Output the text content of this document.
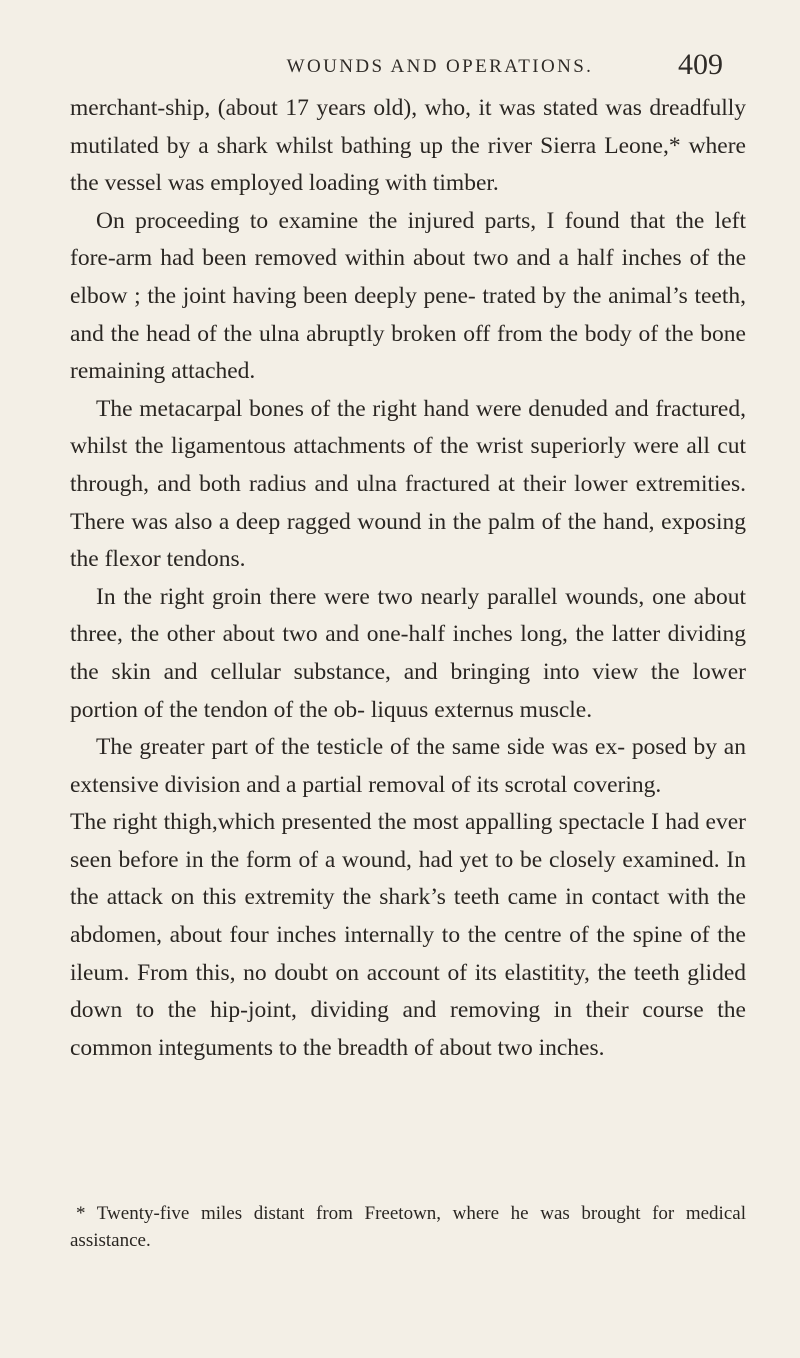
WOUNDS AND OPERATIONS.	409

merchant-ship, (about 17 years old), who, it was stated was dreadfully mutilated by a shark whilst bathing up the river Sierra Leone,* where the vessel was employed loading with timber.

On proceeding to examine the injured parts, I found that the left fore-arm had been removed within about two and a half inches of the elbow ; the joint having been deeply pene- trated by the animal’s teeth, and the head of the ulna abruptly broken off from the body of the bone remaining attached.

The metacarpal bones of the right hand were denuded and fractured, whilst the ligamentous attachments of the wrist superiorly were all cut through, and both radius and ulna fractured at their lower extremities. There was also a deep ragged wound in the palm of the hand, exposing the flexor tendons.

In the right groin there were two nearly parallel wounds, one about three, the other about two and one-half inches long, the latter dividing the skin and cellular substance, and bringing into view the lower portion of the tendon of the ob- liquus externus muscle.

The greater part of the testicle of the same side was ex- posed by an extensive division and a partial removal of its scrotal covering.

The right thigh,which presented the most appalling spectacle I had ever seen before in the form of a wound, had yet to be closely examined. In the attack on this extremity the shark’s teeth came in contact with the abdomen, about four inches internally to the centre of the spine of the ileum. From this, no doubt on account of its elastitity, the teeth glided down to the hip-joint, dividing and removing in their course the common integuments to the breadth of about two inches.

* Twenty-five miles distant from Freetown, where he was brought for medical assistance.
